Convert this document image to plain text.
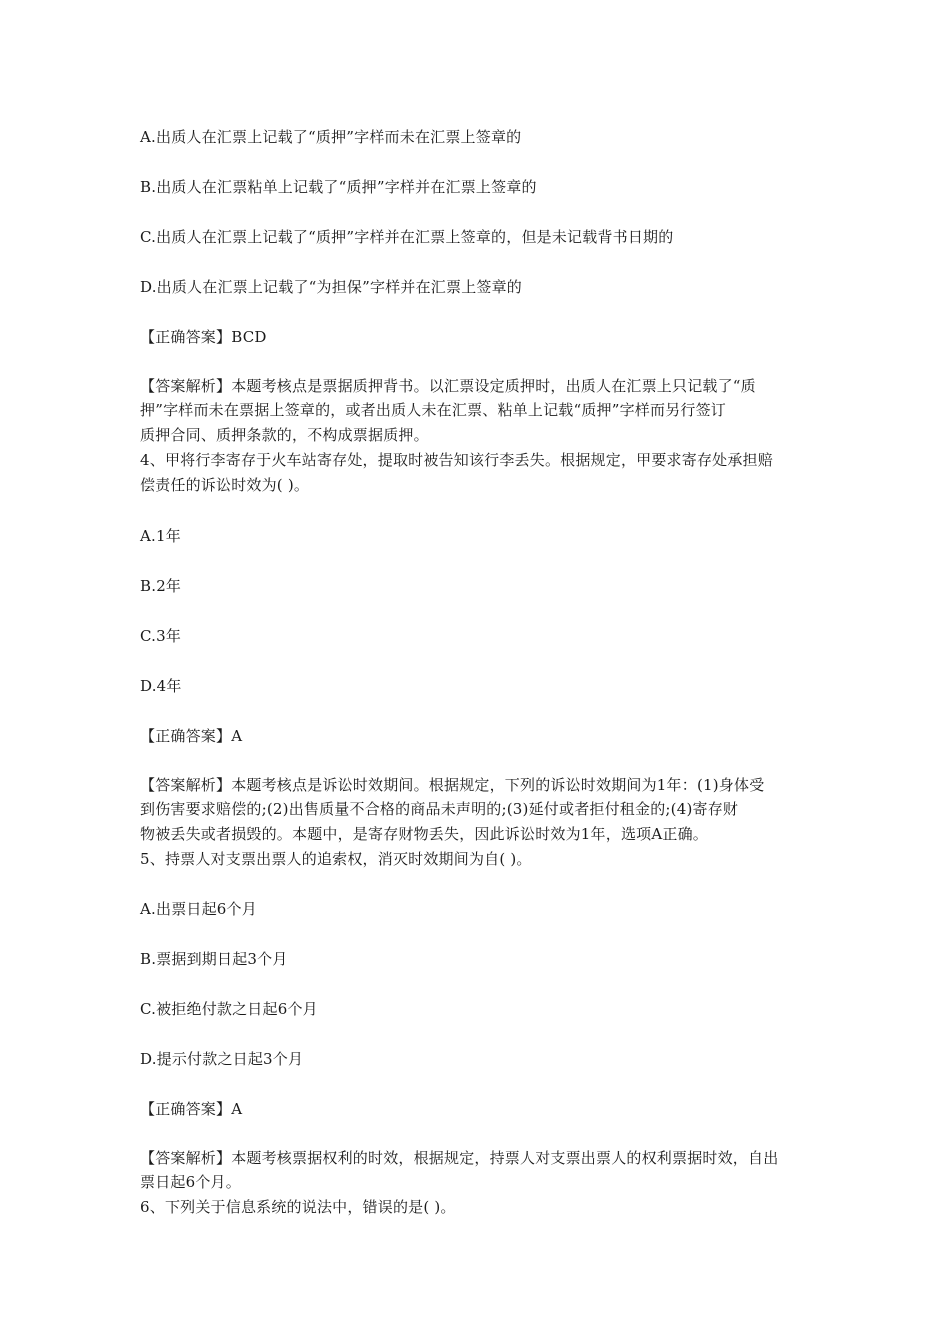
A.出质人在汇票上记载了“质押”字样而未在汇票上签章的
B.出质人在汇票粘单上记载了“质押”字样并在汇票上签章的
C.出质人在汇票上记载了“质押”字样并在汇票上签章的，但是未记载背书日期的
D.出质人在汇票上记载了“为担保”字样并在汇票上签章的
【正确答案】BCD
【答案解析】本题考核点是票据质押背书。以汇票设定质押时，出质人在汇票上只记载了“质
押”字样而未在票据上签章的，或者出质人未在汇票、粘单上记载“质押”字样而另行签订
质押合同、质押条款的，不构成票据质押。
4、甲将行李寄存于火车站寄存处，提取时被告知该行李丢失。根据规定，甲要求寄存处承担赔
偿责任的诉讼时效为( )。
A.1年
B.2年
C.3年
D.4年
【正确答案】A
【答案解析】本题考核点是诉讼时效期间。根据规定，下列的诉讼时效期间为1年：(1)身体受
到伤害要求赔偿的;(2)出售质量不合格的商品未声明的;(3)延付或者拒付租金的;(4)寄存财
物被丢失或者损毁的。本题中，是寄存财物丢失，因此诉讼时效为1年，选项A正确。
5、持票人对支票出票人的追索权，消灭时效期间为自( )。
A.出票日起6个月
B.票据到期日起3个月
C.被拒绝付款之日起6个月
D.提示付款之日起3个月
【正确答案】A
【答案解析】本题考核票据权利的时效，根据规定，持票人对支票出票人的权利票据时效，自出
票日起6个月。
6、下列关于信息系统的说法中，错误的是( )。
